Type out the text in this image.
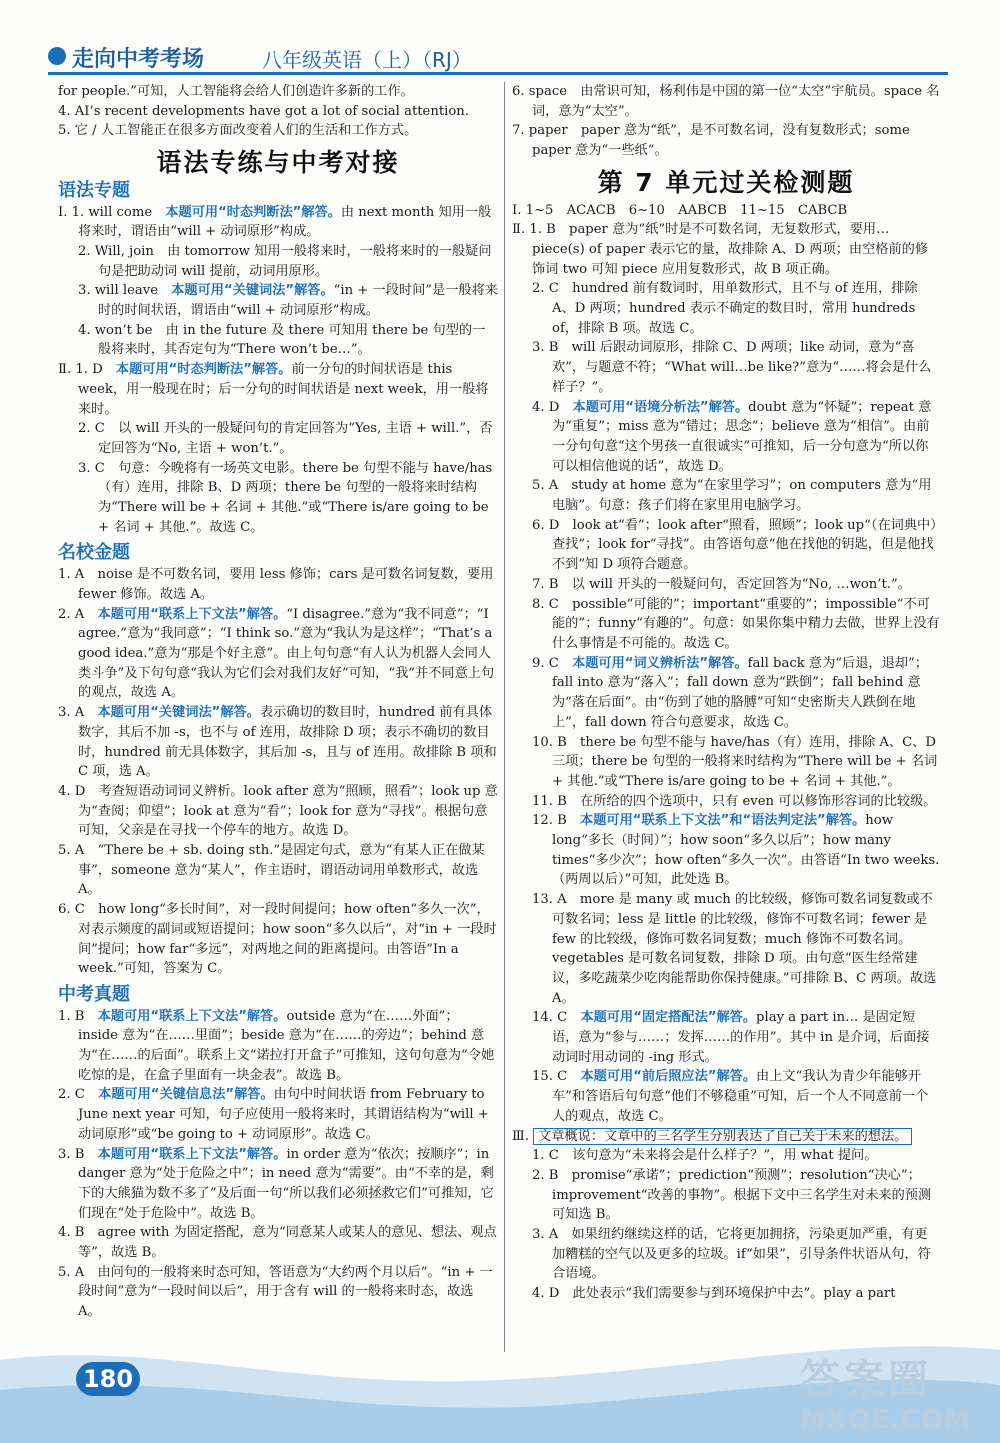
走向中考考场	八年级英语（上）（RJ）

for people.”可知，人工智能将会给人们创造许多新的工作。

4. AI’s recent developments have got a lot of social attention.

5. 它 / 人工智能正在很多方面改变着人们的生活和工作方式。

语法专练与中考对接
语法专题

Ⅰ. 1. will come　本题可用“时态判断法”解答。由 next month 知用一般将来时，谓语由“will + 动词原形”构成。

2. Will, join　由 tomorrow 知用一般将来时，一般将来时的一般疑问句是把助动词 will 提前，动词用原形。

3. will leave　本题可用“关键词法”解答。“in + 一段时间”是一般将来时的时间状语，谓语由“will + 动词原形”构成。

4. won’t be　由 in the future 及 there 可知用 there be 句型的一般将来时，其否定句为“There won’t be…”。

Ⅱ. 1. D　本题可用“时态判断法”解答。前一分句的时间状语是 this week，用一般现在时；后一分句的时间状语是 next week，用一般将来时。

2. C　以 will 开头的一般疑问句的肯定回答为“Yes, 主语 + will.”，否定回答为“No, 主语 + won’t.”。

3. C　句意：今晚将有一场英文电影。there be 句型不能与 have/has（有）连用，排除 B、D 两项；there be 句型的一般将来时结构为“There will be + 名词 + 其他.”或“There is/are going to be + 名词 + 其他.”。故选 C。

名校金题

1. A　noise 是不可数名词，要用 less 修饰；cars 是可数名词复数，要用 fewer 修饰。故选 A。

2. A　本题可用“联系上下文法”解答。“I disagree.”意为“我不同意”；“I agree.”意为“我同意”；“I think so.”意为“我认为是这样”；“That’s a good idea.”意为“那是个好主意”。由上句句意“有人认为机器人会同人类斗争”及下句句意“我认为它们会对我们友好”可知，“我”并不同意上句的观点，故选 A。

3. A　本题可用“关键词法”解答。表示确切的数目时，hundred 前有具体数字，其后不加 -s，也不与 of 连用，故排除 D 项；表示不确切的数目时，hundred 前无具体数字，其后加 -s，且与 of 连用。故排除 B 项和 C 项，选 A。

4. D　考查短语动词词义辨析。look after 意为“照顾，照看”；look up 意为“查阅；仰望”；look at 意为“看”；look for 意为“寻找”。根据句意可知，父亲是在寻找一个停车的地方。故选 D。

5. A　“There be + sb. doing sth.”是固定句式，意为“有某人正在做某事”，someone 意为“某人”，作主语时，谓语动词用单数形式，故选 A。

6. C　how long“多长时间”，对一段时间提问；how often“多久一次”，对表示频度的副词或短语提问；how soon“多久以后”，对“in + 一段时间”提问；how far“多远”，对两地之间的距离提问。由答语“In a week.”可知，答案为 C。

中考真题

1. B　本题可用“联系上下文法”解答。outside 意为“在……外面”；inside 意为“在……里面”；beside 意为“在……的旁边”；behind 意为“在……的后面”。联系上文“诺拉打开盒子”可推知，这句句意为“令她吃惊的是，在盒子里面有一块金表”。故选 B。

2. C　本题可用“关键信息法”解答。由句中时间状语 from February to June next year 可知，句子应使用一般将来时，其谓语结构为“will + 动词原形”或“be going to + 动词原形”。故选 C。

3. B　本题可用“联系上下文法”解答。in order 意为“依次；按顺序”；in danger 意为“处于危险之中”；in need 意为“需要”。由“不幸的是，剩下的大熊猫为数不多了”及后面一句“所以我们必须拯救它们”可推知，它们现在“处于危险中”。故选 B。

4. B　agree with 为固定搭配，意为“同意某人或某人的意见、想法、观点等”，故选 B。

5. A　由问句的一般将来时态可知，答语意为“大约两个月以后”。“in + 一段时间”意为“一段时间以后”，用于含有 will 的一般将来时态，故选 A。

6. space　由常识可知，杨利伟是中国的第一位“太空”宇航员。space 名词，意为“太空”。

7. paper　paper 意为“纸”，是不可数名词，没有复数形式；some paper 意为“一些纸”。

第 7 单元过关检测题

Ⅰ. 1~5　ACACB　6~10　AABCB　11~15　CABCB

Ⅱ. 1. B　paper 意为“纸”时是不可数名词，无复数形式，要用…piece(s) of paper 表示它的量，故排除 A、D 两项；由空格前的修饰词 two 可知 piece 应用复数形式，故 B 项正确。

2. C　hundred 前有数词时，用单数形式，且不与 of 连用，排除 A、D 两项；hundred 表示不确定的数目时，常用 hundreds of，排除 B 项。故选 C。

3. B　will 后跟动词原形，排除 C、D 两项；like 动词，意为“喜欢”，与题意不符；“What will…be like?”意为“……将会是什么样子？”。

4. D　本题可用“语境分析法”解答。doubt 意为“怀疑”；repeat 意为“重复”；miss 意为“错过；思念”；believe 意为“相信”。由前一分句句意“这个男孩一直很诚实”可推知，后一分句意为“所以你可以相信他说的话”，故选 D。

5. A　study at home 意为“在家里学习”；on computers 意为“用电脑”。句意：孩子们将在家里用电脑学习。

6. D　look at“看”；look after“照看，照顾”；look up“（在词典中）查找”；look for“寻找”。由答语句意“他在找他的钥匙，但是他找不到”知 D 项符合题意。

7. B　以 will 开头的一般疑问句，否定回答为“No, …won’t.”。

8. C　possible“可能的”；important“重要的”；impossible“不可能的”；funny“有趣的”。句意：如果你集中精力去做，世界上没有什么事情是不可能的。故选 C。

9. C　本题可用“词义辨析法”解答。fall back 意为“后退，退却”；fall into 意为“落入”；fall down 意为“跌倒”；fall behind 意为“落在后面”。由“伤到了她的胳膊”可知“史密斯夫人跌倒在地上”，fall down 符合句意要求，故选 C。

10. B　there be 句型不能与 have/has（有）连用，排除 A、C、D 三项；there be 句型的一般将来时结构为“There will be + 名词 + 其他.”或“There is/are going to be + 名词 + 其他.”。

11. B　在所给的四个选项中，只有 even 可以修饰形容词的比较级。

12. B　本题可用“联系上下文法”和“语法判定法”解答。how long“多长（时间）”；how soon“多久以后”；how many times“多少次”；how often“多久一次”。由答语“In two weeks.（两周以后）”可知，此处选 B。

13. A　more 是 many 或 much 的比较级，修饰可数名词复数或不可数名词；less 是 little 的比较级，修饰不可数名词；fewer 是 few 的比较级，修饰可数名词复数；much 修饰不可数名词。vegetables 是可数名词复数，排除 D 项。由句意“医生经常建议，多吃蔬菜少吃肉能帮助你保持健康。”可排除 B、C 两项。故选 A。

14. C　本题可用“固定搭配法”解答。play a part in… 是固定短语，意为“参与……；发挥……的作用”。其中 in 是介词，后面接动词时用动词的 -ing 形式。

15. C　本题可用“前后照应法”解答。由上文“我认为青少年能够开车”和答语后句句意“他们不够稳重”可知，后一个人不同意前一个人的观点，故选 C。

Ⅲ. 文章概说：文章中的三名学生分别表达了自己关于未来的想法。

1. C　该句意为“未来将会是什么样子？”，用 what 提问。

2. B　promise“承诺”；prediction“预测”；resolution“决心”；improvement“改善的事物”。根据下文中三名学生对未来的预测可知选 B。

3. A　如果纽约继续这样的话，它将更加拥挤，污染更加严重，有更加糟糕的空气以及更多的垃圾。if“如果”，引导条件状语从句，符合语境。

4. D　此处表示“我们需要参与到环境保护中去”。play a part

180	答案圈
MXQE.COM
